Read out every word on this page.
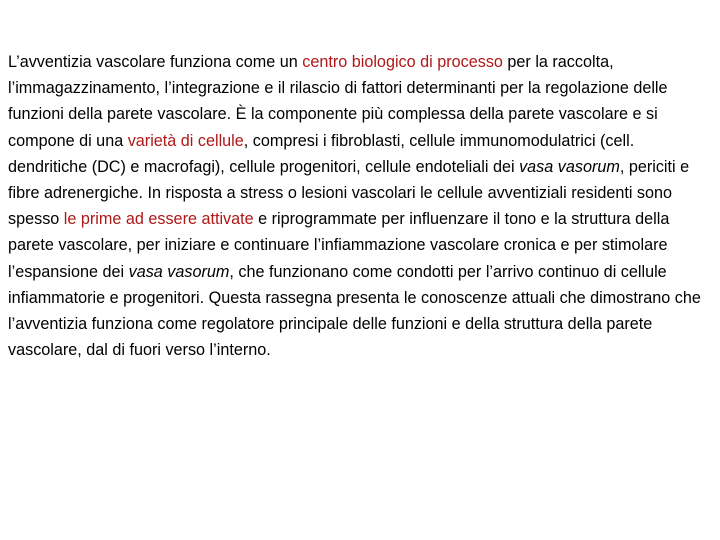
L’avventizia vascolare funziona come un centro biologico di processo per la raccolta, l’immagazzinamento, l’integrazione e il rilascio di fattori determinanti per la regolazione delle funzioni della parete vascolare. È la componente più complessa della parete vascolare e si compone di una varietà di cellule, compresi i fibroblasti, cellule immunomodulatrici (cell. dendritiche (DC) e macrofagi), cellule progenitori, cellule endoteliali dei vasa vasorum, periciti e fibre adrenergiche. In risposta a stress o lesioni vascolari le cellule avventiziali residenti sono spesso le prime ad essere attivate e riprogrammate per influenzare il tono e la struttura della parete vascolare, per iniziare e continuare l’infiammazione vascolare cronica e per stimolare l’espansione dei vasa vasorum, che funzionano come condotti per l’arrivo continuo di cellule infiammatorie e progenitori. Questa rassegna presenta le conoscenze attuali che dimostrano che l’avventizia funziona come regolatore principale delle funzioni e della struttura della parete vascolare, dal di fuori verso l’interno.
